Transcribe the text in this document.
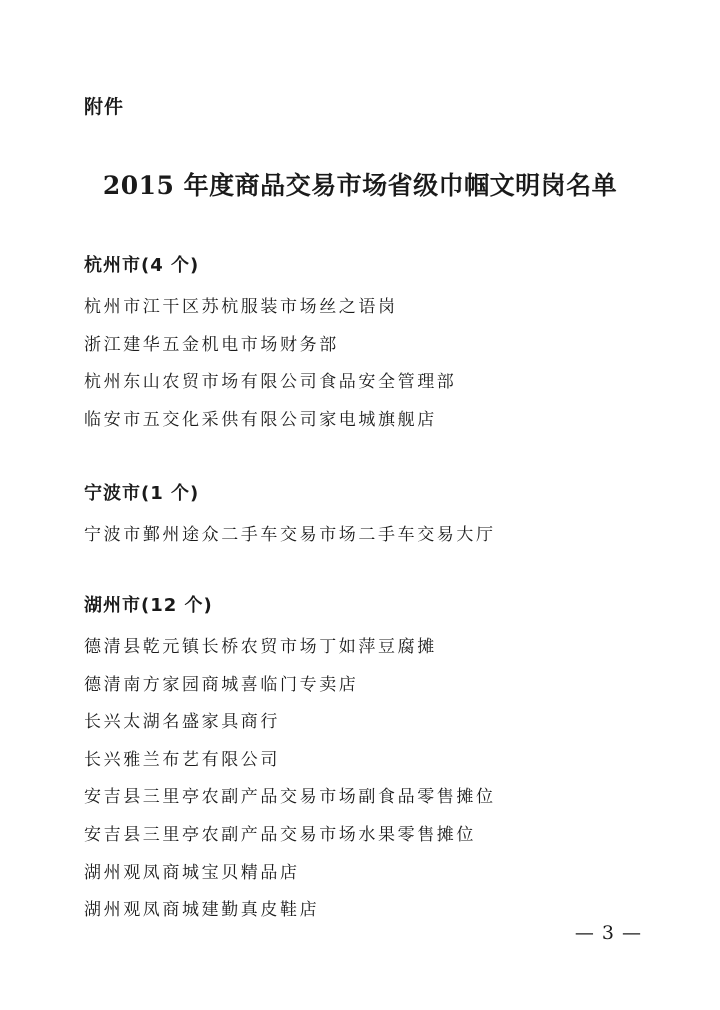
附件
2015 年度商品交易市场省级巾帼文明岗名单
杭州市(4 个)
杭州市江干区苏杭服装市场丝之语岗
浙江建华五金机电市场财务部
杭州东山农贸市场有限公司食品安全管理部
临安市五交化采供有限公司家电城旗舰店
宁波市(1 个)
宁波市鄞州途众二手车交易市场二手车交易大厅
湖州市(12 个)
德清县乾元镇长桥农贸市场丁如萍豆腐摊
德清南方家园商城喜临门专卖店
长兴太湖名盛家具商行
长兴雅兰布艺有限公司
安吉县三里亭农副产品交易市场副食品零售摊位
安吉县三里亭农副产品交易市场水果零售摊位
湖州观凤商城宝贝精品店
湖州观凤商城建勤真皮鞋店
— 3 —
